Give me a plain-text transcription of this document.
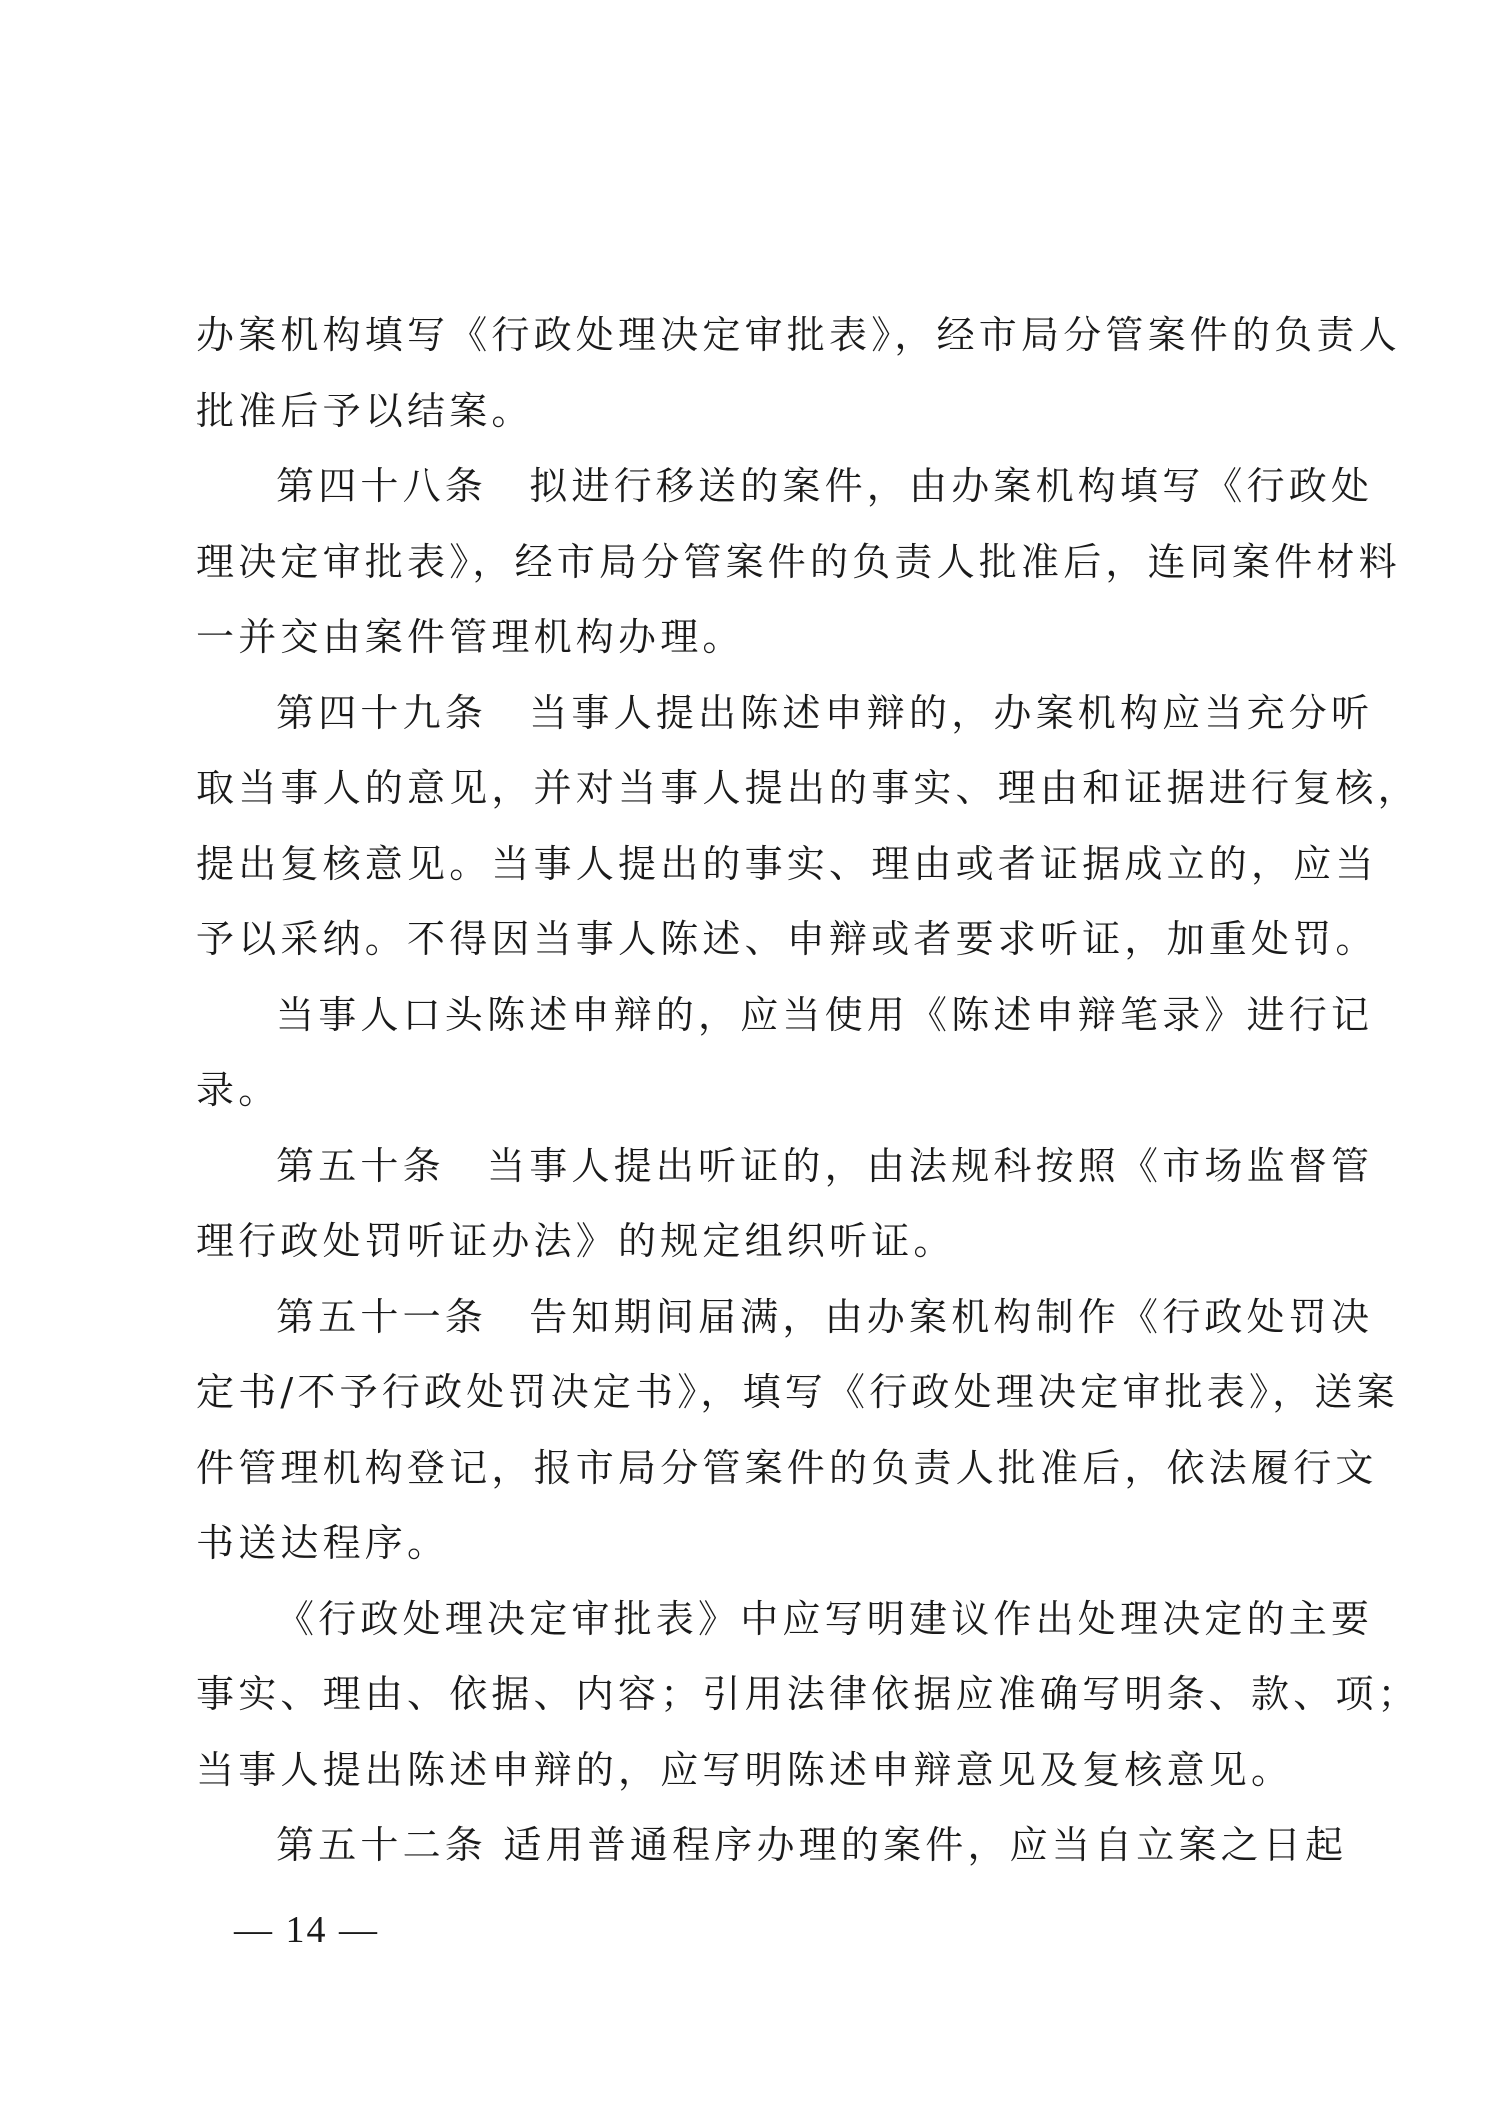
办案机构填写《行政处理决定审批表》，经市局分管案件的负责人
批准后予以结案。
第四十八条　拟进行移送的案件，由办案机构填写《行政处
理决定审批表》，经市局分管案件的负责人批准后，连同案件材料
一并交由案件管理机构办理。
第四十九条　当事人提出陈述申辩的，办案机构应当充分听
取当事人的意见，并对当事人提出的事实、理由和证据进行复核，
提出复核意见。当事人提出的事实、理由或者证据成立的，应当
予以采纳。不得因当事人陈述、申辩或者要求听证，加重处罚。
当事人口头陈述申辩的，应当使用《陈述申辩笔录》进行记
录。
第五十条　当事人提出听证的，由法规科按照《市场监督管
理行政处罚听证办法》的规定组织听证。
第五十一条　告知期间届满，由办案机构制作《行政处罚决
定书/不予行政处罚决定书》，填写《行政处理决定审批表》，送案
件管理机构登记，报市局分管案件的负责人批准后，依法履行文
书送达程序。
《行政处理决定审批表》中应写明建议作出处理决定的主要
事实、理由、依据、内容；引用法律依据应准确写明条、款、项；
当事人提出陈述申辩的，应写明陈述申辩意见及复核意见。
第五十二条 适用普通程序办理的案件，应当自立案之日起
— 14 —
